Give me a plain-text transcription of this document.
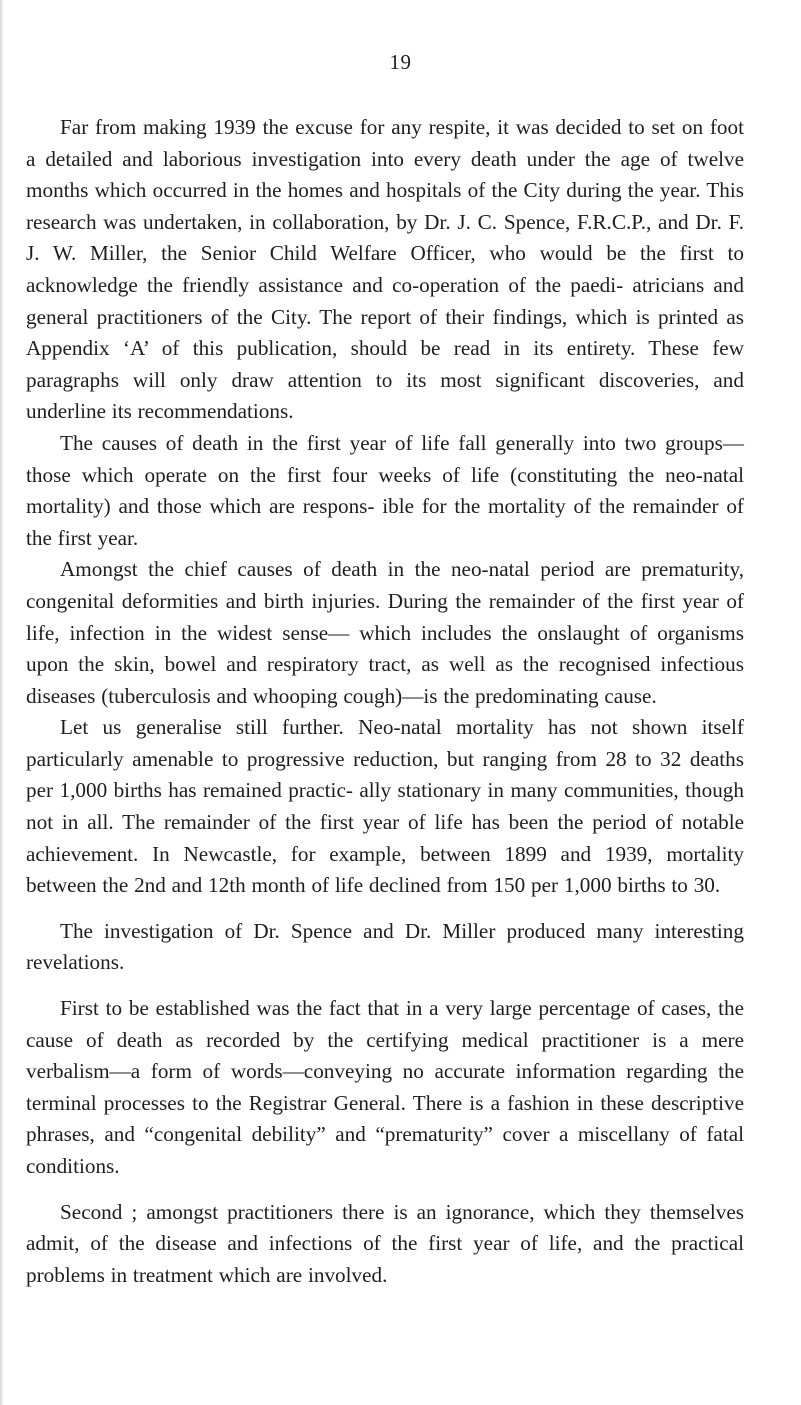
19

Far from making 1939 the excuse for any respite, it was decided to set on foot a detailed and laborious investigation into every death under the age of twelve months which occurred in the homes and hospitals of the City during the year. This research was undertaken, in collaboration, by Dr. J. C. Spence, F.R.C.P., and Dr. F. J. W. Miller, the Senior Child Welfare Officer, who would be the first to acknowledge the friendly assistance and co-operation of the paedi- atricians and general practitioners of the City. The report of their findings, which is printed as Appendix ‘A’ of this publication, should be read in its entirety. These few paragraphs will only draw attention to its most significant discoveries, and underline its recommendations.

The causes of death in the first year of life fall generally into two groups—those which operate on the first four weeks of life (constituting the neo-natal mortality) and those which are respons- ible for the mortality of the remainder of the first year.

Amongst the chief causes of death in the neo-natal period are prematurity, congenital deformities and birth injuries. During the remainder of the first year of life, infection in the widest sense— which includes the onslaught of organisms upon the skin, bowel and respiratory tract, as well as the recognised infectious diseases (tuberculosis and whooping cough)—is the predominating cause.

Let us generalise still further. Neo-natal mortality has not shown itself particularly amenable to progressive reduction, but ranging from 28 to 32 deaths per 1,000 births has remained practic- ally stationary in many communities, though not in all. The remainder of the first year of life has been the period of notable achievement. In Newcastle, for example, between 1899 and 1939, mortality between the 2nd and 12th month of life declined from 150 per 1,000 births to 30.

The investigation of Dr. Spence and Dr. Miller produced many interesting revelations.

First to be established was the fact that in a very large percentage of cases, the cause of death as recorded by the certifying medical practitioner is a mere verbalism—a form of words—conveying no accurate information regarding the terminal processes to the Registrar General. There is a fashion in these descriptive phrases, and “congenital debility” and “prematurity” cover a miscellany of fatal conditions.

Second ; amongst practitioners there is an ignorance, which they themselves admit, of the disease and infections of the first year of life, and the practical problems in treatment which are involved.
